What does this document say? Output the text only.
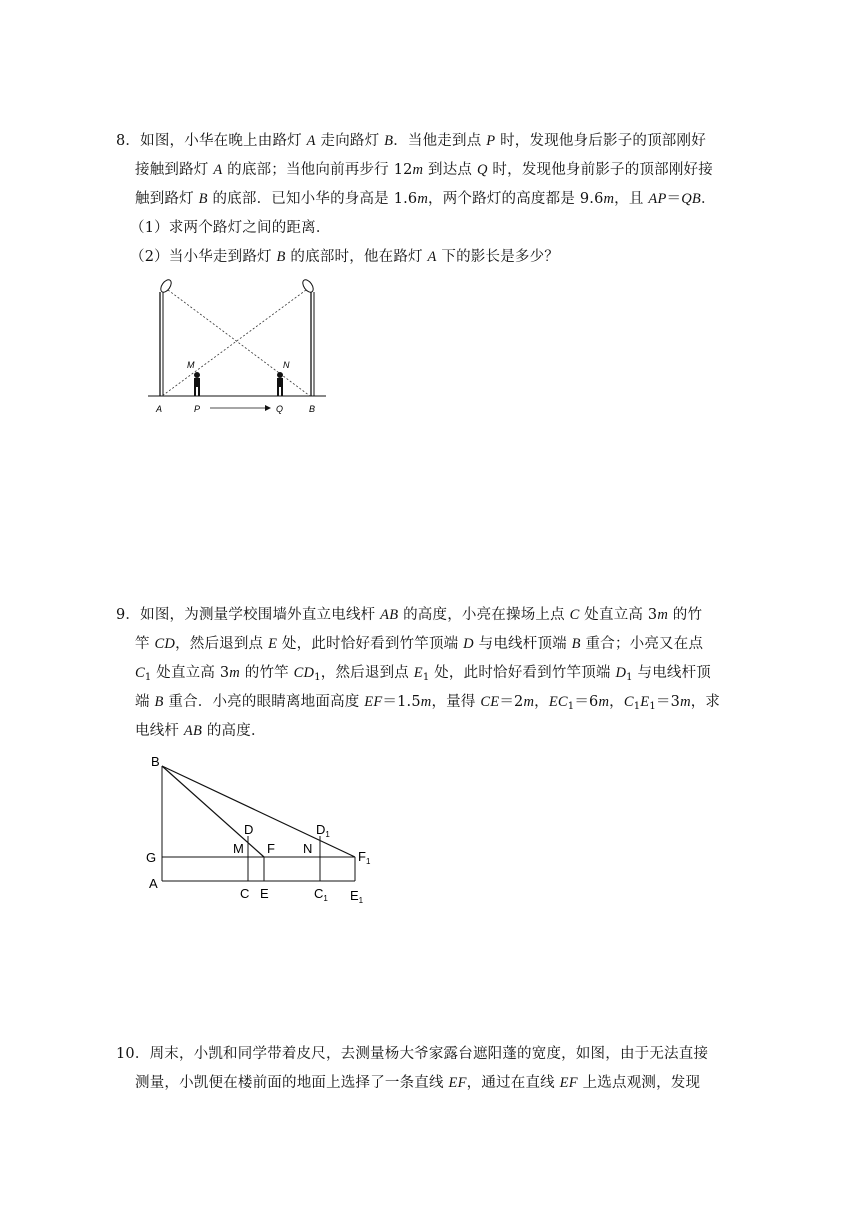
8．如图，小华在晚上由路灯 A 走向路灯 B．当他走到点 P 时，发现他身后影子的顶部刚好
接触到路灯 A 的底部；当他向前再步行 12m 到达点 Q 时，发现他身前影子的顶部刚好接
触到路灯 B 的底部．已知小华的身高是 1.6m，两个路灯的高度都是 9.6m，且 AP＝QB．
（1）求两个路灯之间的距离．
（2）当小华走到路灯 B 的底部时，他在路灯 A 下的影长是多少？
A	P	Q	B
M	N
9．如图，为测量学校围墙外直立电线杆 AB 的高度，小亮在操场上点 C 处直立高 3m 的竹
竿 CD，然后退到点 E 处，此时恰好看到竹竿顶端 D 与电线杆顶端 B 重合；小亮又在点
$C_1$ 处直立高 3m 的竹竿 $CD_1$，然后退到点 $E_1$ 处，此时恰好看到竹竿顶端 $D_1$ 与电线杆顶
端 B 重合．小亮的眼睛离地面高度 EF＝1.5m，量得 CE＝2m，$EC_1=6m$，$C_1E_1=3m$，求
电线杆 AB 的高度．
B
G
A
D
M F N
$D_1$
$F_1$
C E	$C_1$ $E_1$
10．周末，小凯和同学带着皮尺，去测量杨大爷家露台遮阳蓬的宽度，如图，由于无法直接
测量，小凯便在楼前面的地面上选择了一条直线 EF，通过在直线 EF 上选点观测，发现
